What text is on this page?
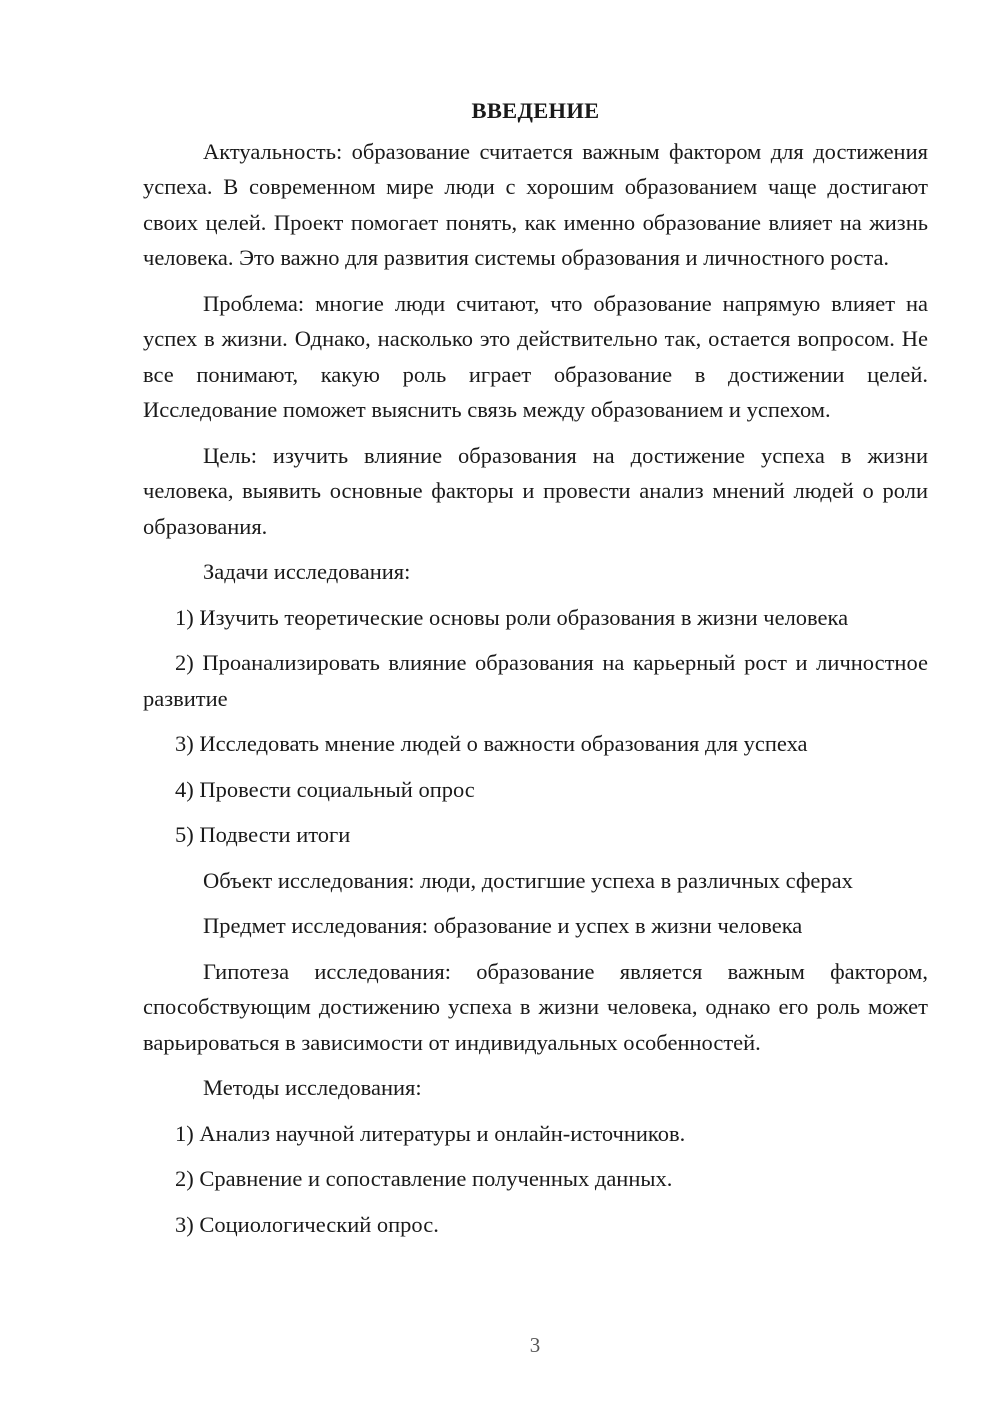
ВВЕДЕНИЕ
Актуальность: образование считается важным фактором для достижения успеха. В современном мире люди с хорошим образованием чаще достигают своих целей. Проект помогает понять, как именно образование влияет на жизнь человека. Это важно для развития системы образования и личностного роста.
Проблема: многие люди считают, что образование напрямую влияет на успех в жизни. Однако, насколько это действительно так, остается вопросом. Не все понимают, какую роль играет образование в достижении целей. Исследование поможет выяснить связь между образованием и успехом.
Цель: изучить влияние образования на достижение успеха в жизни человека, выявить основные факторы и провести анализ мнений людей о роли образования.
Задачи исследования:
1) Изучить теоретические основы роли образования в жизни человека
2) Проанализировать влияние образования на карьерный рост и личностное развитие
3) Исследовать мнение людей о важности образования для успеха
4) Провести социальный опрос
5) Подвести итоги
Объект исследования: люди, достигшие успеха в различных сферах
Предмет исследования: образование и успех в жизни человека
Гипотеза исследования: образование является важным фактором, способствующим достижению успеха в жизни человека, однако его роль может варьироваться в зависимости от индивидуальных особенностей.
Методы исследования:
1) Анализ научной литературы и онлайн-источников.
2) Сравнение и сопоставление полученных данных.
3) Социологический опрос.
3
